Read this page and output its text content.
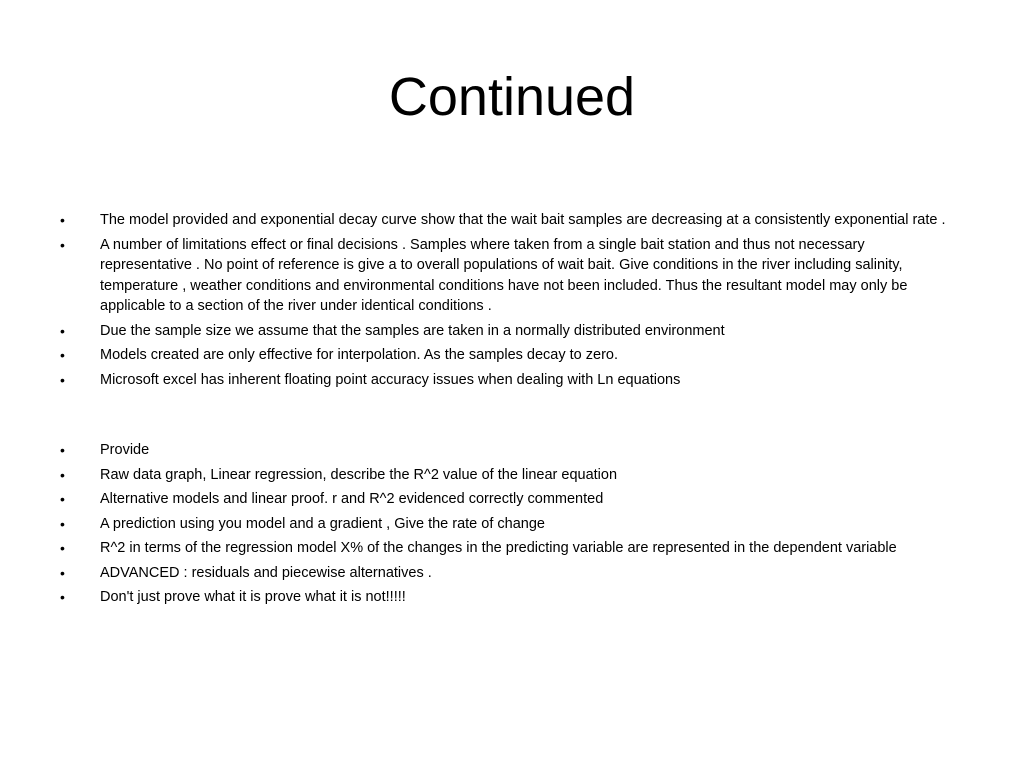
Continued
•	The model provided and exponential decay curve show that the wait bait samples are decreasing at a consistently exponential rate .
•	A number of limitations effect or final decisions . Samples where taken from a single bait station and thus not necessary representative . No point of reference is give a to overall populations of wait bait. Give conditions in the river including salinity, temperature , weather conditions and environmental conditions have not been included. Thus the resultant model may only be applicable to a section of the river under identical conditions .
•	Due the sample size we assume that the samples are taken in a normally distributed environment
•	Models created are only effective for interpolation. As the samples decay to zero.
•	Microsoft excel has inherent floating point accuracy issues when dealing with Ln equations
•	Provide
•	Raw data graph, Linear regression, describe the R^2 value of the linear equation
•	Alternative models and linear proof. r and R^2 evidenced correctly commented
•	A prediction using you model and a gradient , Give the rate of change
•	R^2 in terms of the regression model X% of the changes in the predicting variable are represented in the dependent variable
•	ADVANCED : residuals and piecewise alternatives .
•	Don't just prove what it is prove what it is not!!!!!
